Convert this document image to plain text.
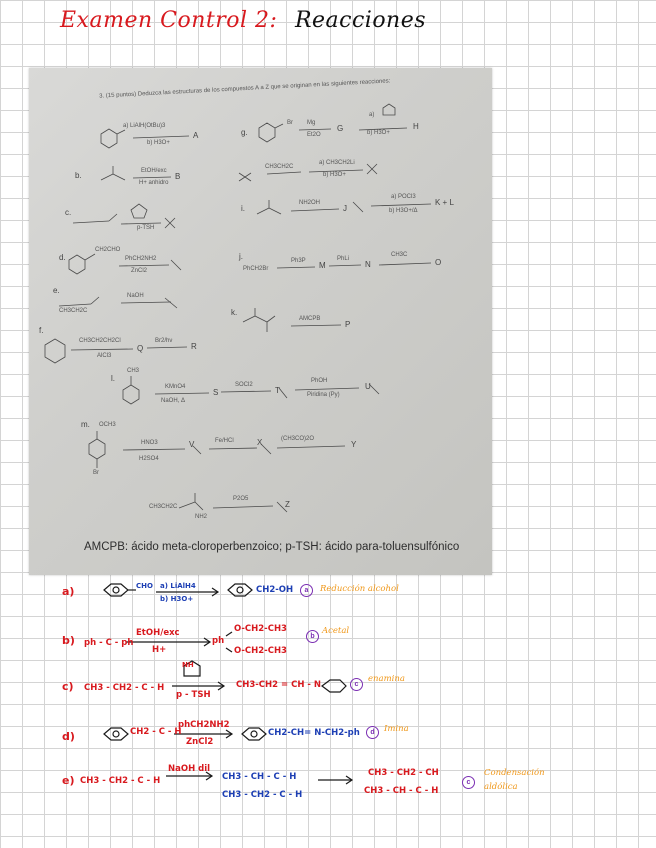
Examen Control 2: Reacciones
3. (15 puntos) Deduzca las estructuras de los compuestos A a Z que se originan en las siguientes reacciones:
a) LiAlH(OtBu)3
b) H3O+
A
b.	EtOH/exc
H+ anhidro
B
c.
p-TSH
d.
CH2CHO
PhCH2NH2
ZnCl2
e.
CH3CH2C
NaOH
f.
CH3CH2CH2Cl
AlCl3
Q
Br2/hν
R
g.
Br Mg
Et2O
G
a)
b) H3O+
H
CH3CH2C
a) CH3CH2Li
b) H3O+
i.
NH2OH
J
a) POCl3
b) H3O+/Δ
K + L
j.
PhCH2Br
Ph3P M
PhLi
N
CH3C
O
k.
AMCPB
P
l.
CH3
KMnO4
NaOH, Δ
S
SOCl2
T
PhOH
Piridina (Py)
U
m. OCH3
Br
HNO3
H2SO4
V	Fe/HCl	X	(CH3CO)2O
Y
CH3CH2C
NH2
P2O5
Z
AMCPB: ácido meta-cloroperbenzoico; p-TSH: ácido para-toluensulfónico
a)	CHO a) LiAlH4
b) H3O+
CH2-OH	a	Reducción alcohol
b) ph - C - ph
EtOH/exc
H+
ph
O-CH2-CH3
O-CH2-CH3
b
Acetal
c) CH3 - CH2 - C - H
NH
p - TSH
CH3-CH2 = CH - N	c
enamina
d)	CH2 - C - H
phCH2NH2
ZnCl2
CH2-CH= N-CH2-ph	d	Imina
e) CH3 - CH2 - C - H
NaOH dil
CH3 - CH - C - H
CH3 - CH2 - C - H
CH3 - CH2 - CH
CH3 - CH - C - H
c
Condensación aldólica
